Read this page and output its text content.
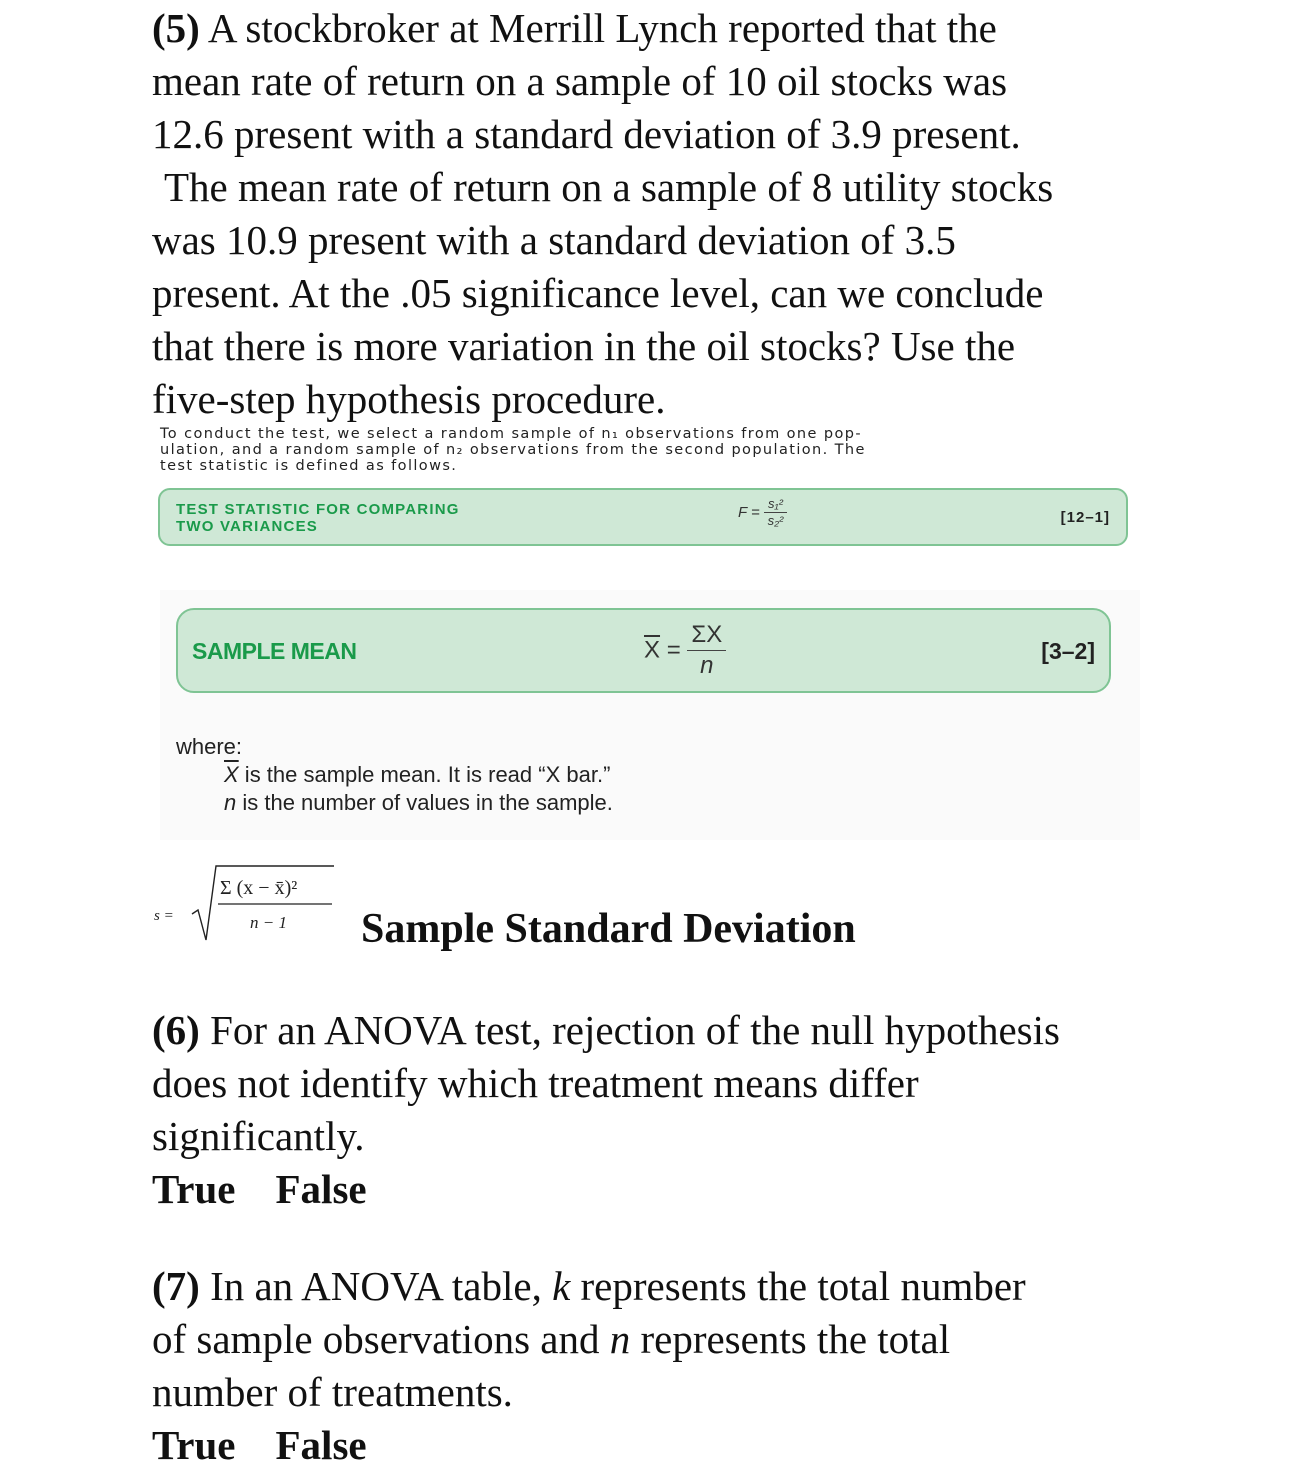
(5) A stockbroker at Merrill Lynch reported that the
mean rate of return on a sample of 10 oil stocks was
12.6 present with a standard deviation of 3.9 present.
The mean rate of return on a sample of 8 utility stocks
was 10.9 present with a standard deviation of 3.5
present. At the .05 significance level, can we conclude
that there is more variation in the oil stocks? Use the
five-step hypothesis procedure.

To conduct the test, we select a random sample of n₁ observations from one pop-
ulation, and a random sample of n₂ observations from the second population. The
test statistic is defined as follows.

TEST STATISTIC FOR COMPARING
TWO VARIANCES
$F = \frac{\text{s₁²}}{\text{s₂²}}$	[12–1]
SAMPLE MEAN	$\overline{X} = \frac{\Sigma X}{n}$	[3–2]
where:
$\overline{X}$ is the sample mean. It is read “X bar.”
n is the number of values in the sample.
s =
Σ (x − x̄)²
n − 1 Sample Standard Deviation
(6) For an ANOVA test, rejection of the null hypothesis
does not identify which treatment means differ
significantly.
True False
(7) In an ANOVA table, k represents the total number
of sample observations and n represents the total
number of treatments.
True False
